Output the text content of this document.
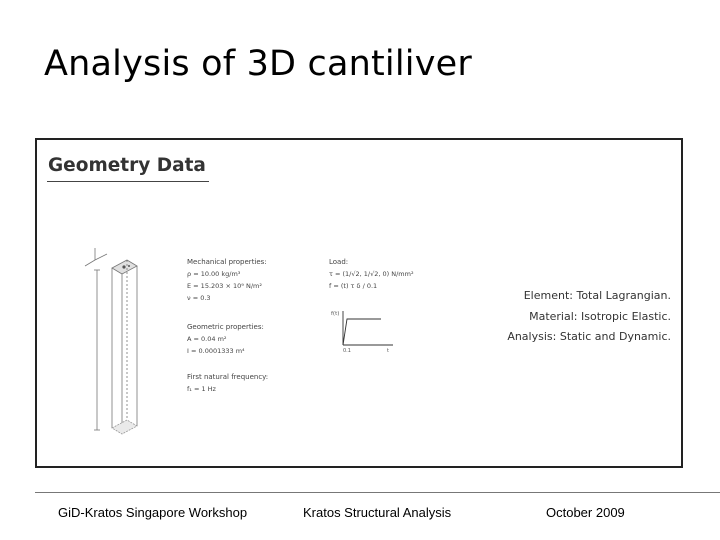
Analysis of 3D cantiliver
Geometry Data
Mechanical properties:
ρ = 10.00 kg/m³
E = 15.203 × 10⁹ N/m²
ν = 0.3
Geometric properties:
A = 0.04 m²
I = 0.0001333 m⁴
First natural frequency:
f₁ = 1 Hz
Load:
τ = (1/√2, 1/√2, 0) N/mm²
f = (t) τ δ / 0.1
f(t)
0.1	t
Element: Total Lagrangian.
Material: Isotropic Elastic.
Analysis: Static and Dynamic.
GiD-Kratos Singapore Workshop	Kratos Structural Analysis	October 2009
